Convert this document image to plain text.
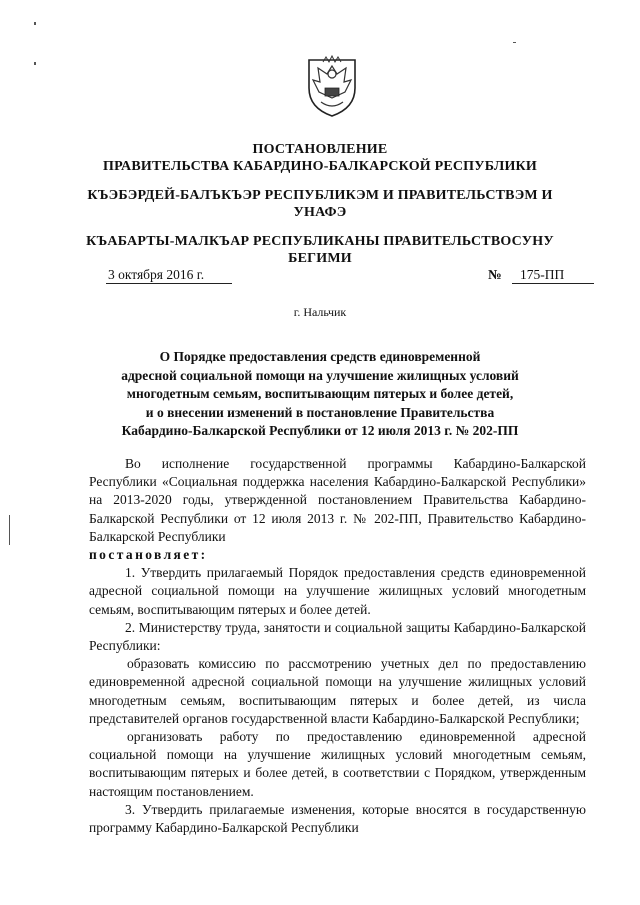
ПОСТАНОВЛЕНИЕ
ПРАВИТЕЛЬСТВА КАБАРДИНО-БАЛКАРСКОЙ РЕСПУБЛИКИ
КЪЭБЭРДЕЙ-БАЛЪКЪЭР РЕСПУБЛИКЭМ И ПРАВИТЕЛЬСТВЭМ И
УНАФЭ
КЪАБАРТЫ-МАЛКЪАР РЕСПУБЛИКАНЫ ПРАВИТЕЛЬСТВОСУНУ
БЕГИМИ
3 октября 2016 г.	№	175-ПП
г. Нальчик
О Порядке предоставления средств единовременной
адресной социальной помощи на улучшение жилищных условий
многодетным семьям, воспитывающим пятерых и более детей,
и о внесении изменений в постановление Правительства
Кабардино-Балкарской Республики от 12 июля 2013 г. № 202-ПП

Во исполнение государственной программы Кабардино-Балкарской Республики «Социальная поддержка населения Кабардино-Балкарской Республики» на 2013-2020 годы, утвержденной постановлением Правительства Кабардино-Балкарской Республики от 12 июля 2013 г. № 202-ПП, Правительство Кабардино-Балкарской Республики
постановляет:

1. Утвердить прилагаемый Порядок предоставления средств единовременной адресной социальной помощи на улучшение жилищных условий многодетным семьям, воспитывающим пятерых и более детей.

2. Министерству труда, занятости и социальной защиты Кабардино-Балкарской Республики:

образовать комиссию по рассмотрению учетных дел по предоставлению единовременной адресной социальной помощи на улучшение жилищных условий многодетным семьям, воспитывающим пятерых и более детей, из числа представителей органов государственной власти Кабардино-Балкарской Республики;

организовать работу по предоставлению единовременной адресной социальной помощи на улучшение жилищных условий многодетным семьям, воспитывающим пятерых и более детей, в соответствии с Порядком, утвержденным настоящим постановлением.

3. Утвердить прилагаемые изменения, которые вносятся в государственную программу Кабардино-Балкарской Республики
